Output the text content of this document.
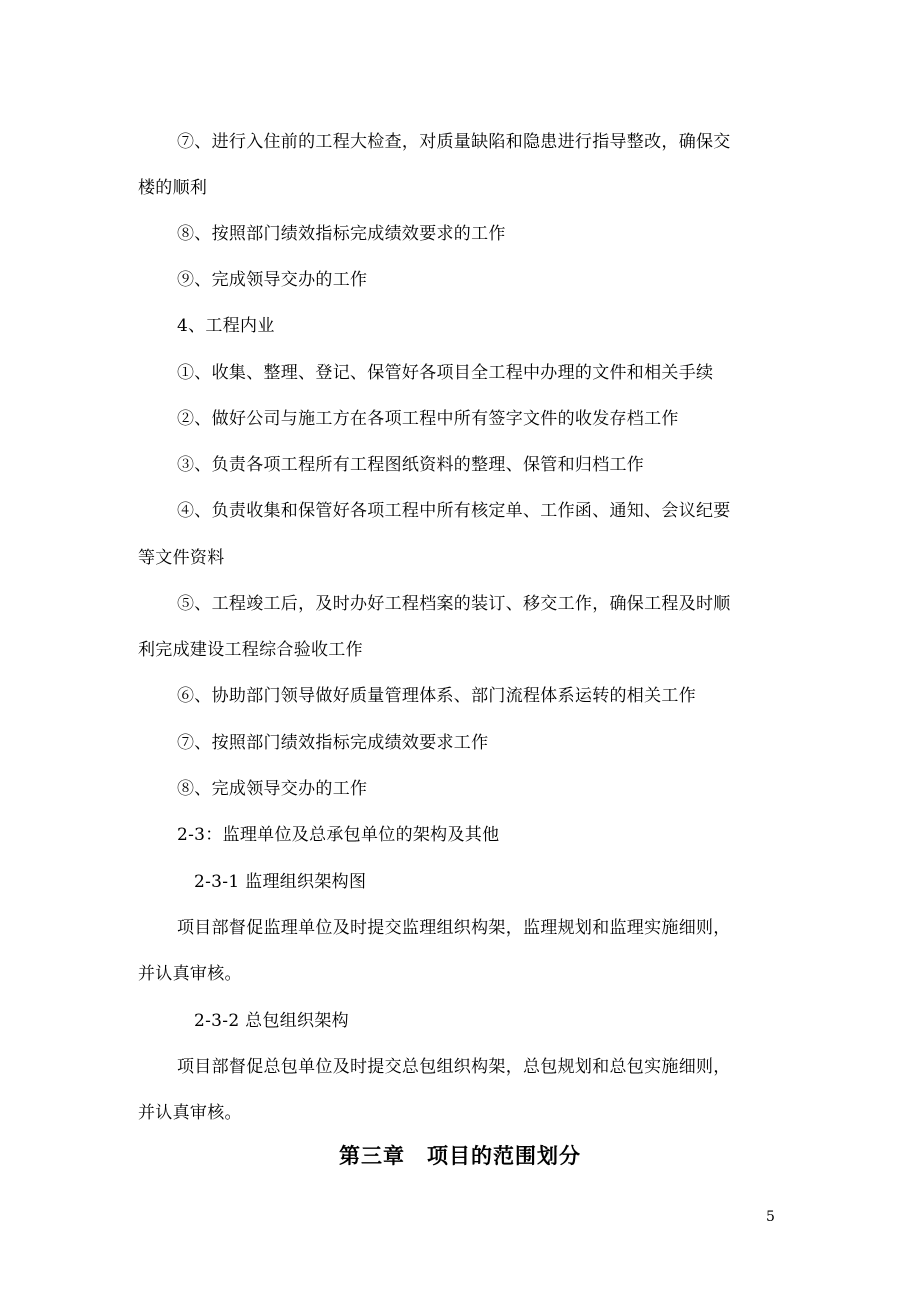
⑦、进行入住前的工程大检查，对质量缺陷和隐患进行指导整改，确保交
楼的顺利
⑧、按照部门绩效指标完成绩效要求的工作
⑨、完成领导交办的工作
4、工程内业
①、收集、整理、登记、保管好各项目全工程中办理的文件和相关手续
②、做好公司与施工方在各项工程中所有签字文件的收发存档工作
③、负责各项工程所有工程图纸资料的整理、保管和归档工作
④、负责收集和保管好各项工程中所有核定单、工作函、通知、会议纪要
等文件资料
⑤、工程竣工后，及时办好工程档案的装订、移交工作，确保工程及时顺
利完成建设工程综合验收工作
⑥、协助部门领导做好质量管理体系、部门流程体系运转的相关工作
⑦、按照部门绩效指标完成绩效要求工作
⑧、完成领导交办的工作
2-3：监理单位及总承包单位的架构及其他
2-3-1 监理组织架构图
项目部督促监理单位及时提交监理组织构架，监理规划和监理实施细则，
并认真审核。
2-3-2 总包组织架构
项目部督促总包单位及时提交总包组织构架，总包规划和总包实施细则，
并认真审核。
第三章　项目的范围划分
5
